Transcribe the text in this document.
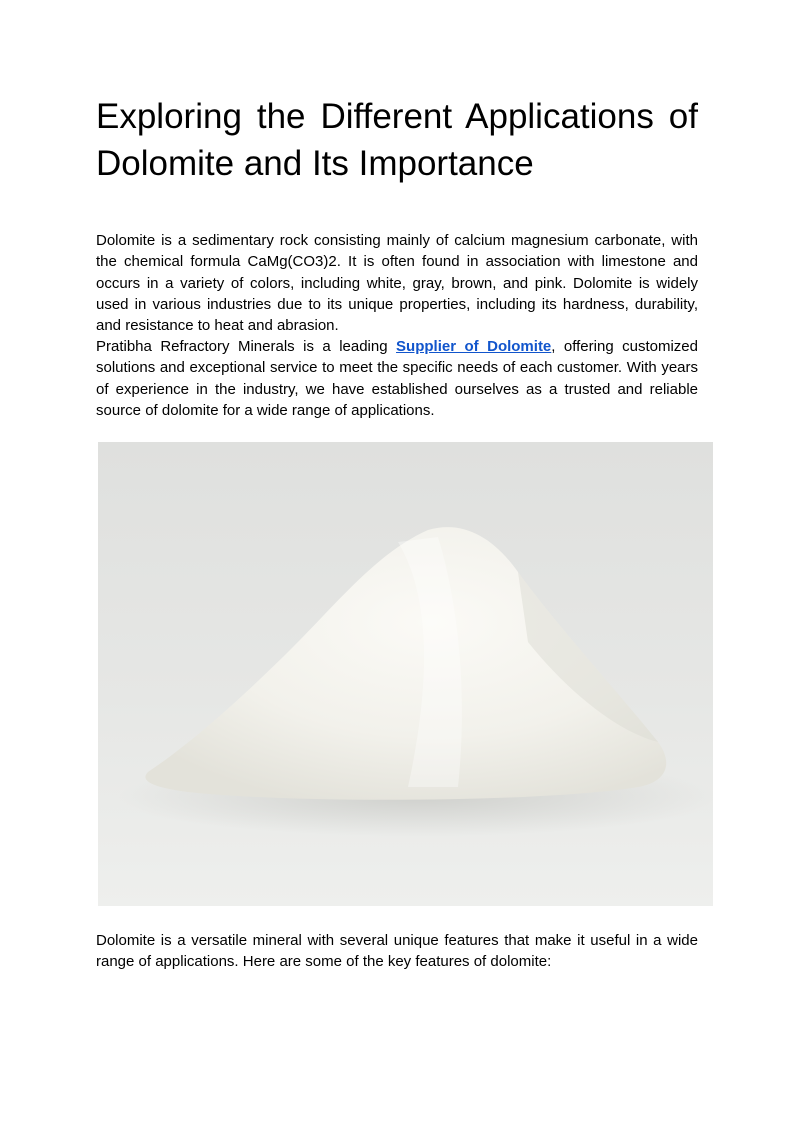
Exploring the Different Applications of
Dolomite and Its Importance

Dolomite is a sedimentary rock consisting mainly of calcium magnesium carbonate, with the chemical formula CaMg(CO3)2. It is often found in association with limestone and occurs in a variety of colors, including white, gray, brown, and pink. Dolomite is widely used in various industries due to its unique properties, including its hardness, durability, and resistance to heat and abrasion.

Pratibha Refractory Minerals is a leading Supplier of Dolomite, offering customized solutions and exceptional service to meet the specific needs of each customer. With years of experience in the industry, we have established ourselves as a trusted and reliable source of dolomite for a wide range of applications.

Dolomite is a versatile mineral with several unique features that make it useful in a wide range of applications. Here are some of the key features of dolomite:
